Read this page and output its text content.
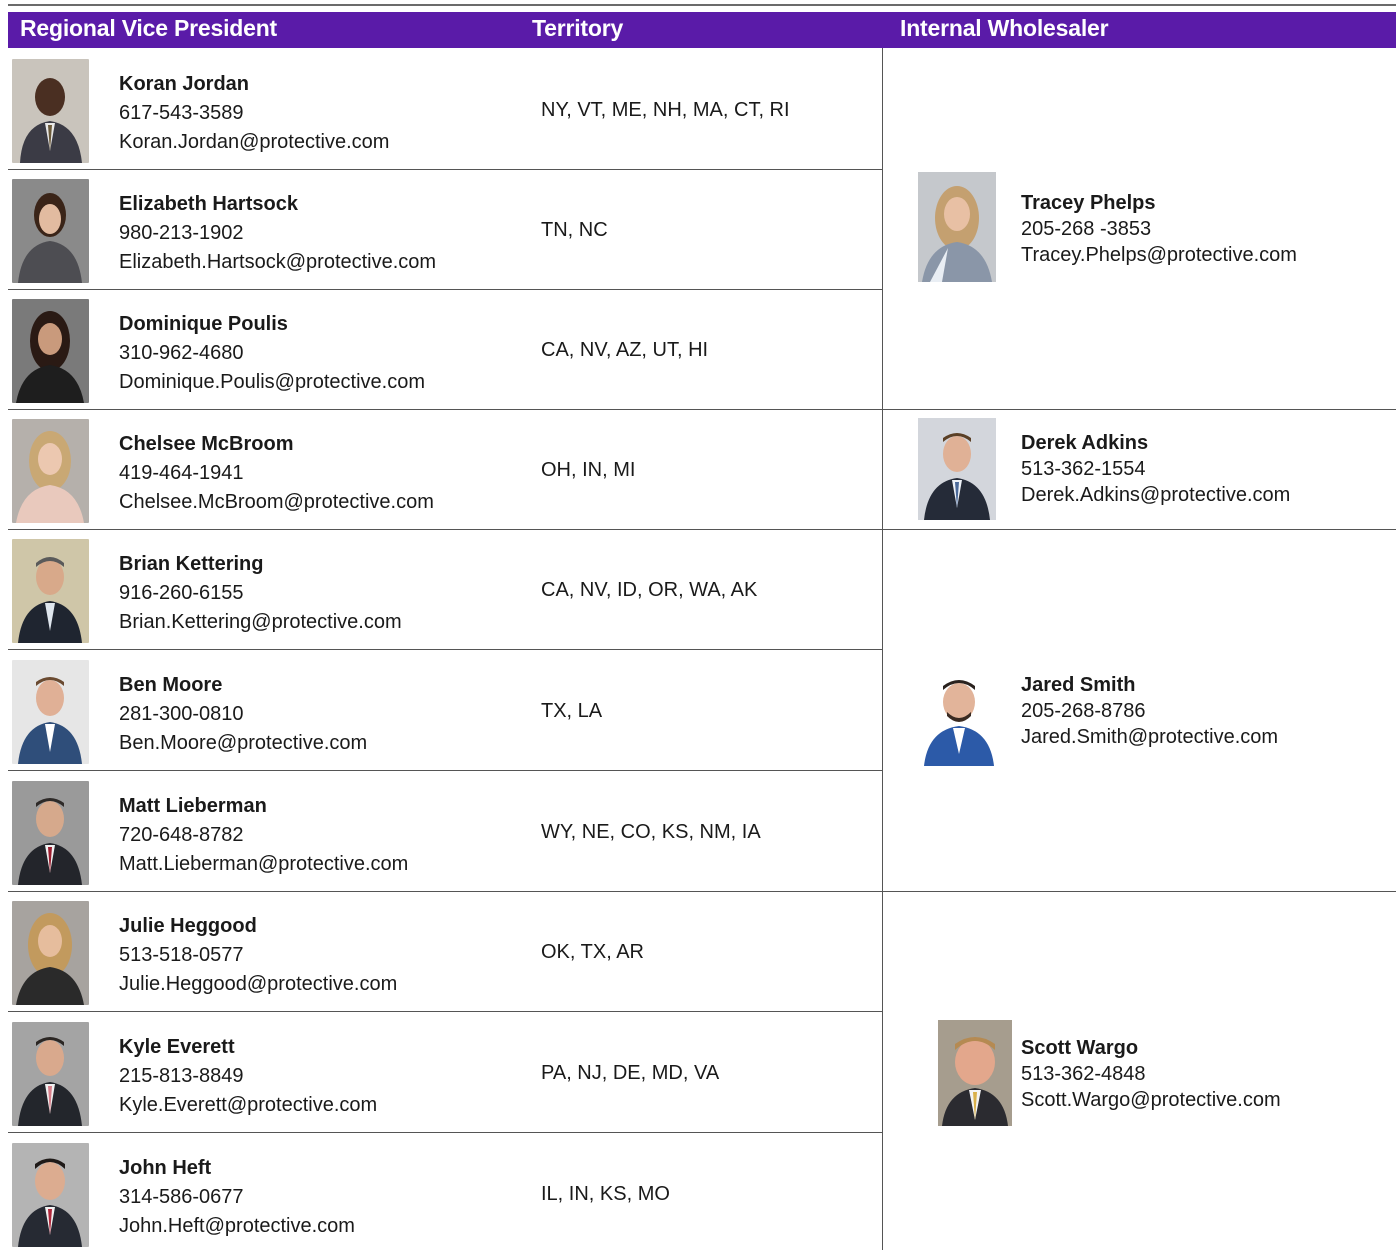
Regional Vice President	Territory	Internal Wholesaler
Koran Jordan
617-543-3589
Koran.Jordan@protective.com
NY, VT, ME, NH, MA, CT, RI
Elizabeth Hartsock
980-213-1902
Elizabeth.Hartsock@protective.com
TN, NC
Dominique Poulis
310-962-4680
Dominique.Poulis@protective.com
CA, NV, AZ, UT, HI
Chelsee McBroom
419-464-1941
Chelsee.McBroom@protective.com
OH, IN, MI
Brian Kettering
916-260-6155
Brian.Kettering@protective.com
CA, NV, ID, OR, WA, AK
Ben Moore
281-300-0810
Ben.Moore@protective.com
TX, LA
Matt Lieberman
720-648-8782
Matt.Lieberman@protective.com
WY, NE, CO, KS, NM, IA
Julie Heggood
513-518-0577
Julie.Heggood@protective.com
OK, TX, AR
Kyle Everett
215-813-8849
Kyle.Everett@protective.com
PA, NJ, DE, MD, VA
John Heft
314-586-0677
John.Heft@protective.com
IL, IN, KS, MO
Tracey Phelps
205-268 -3853
Tracey.Phelps@protective.com
Derek Adkins
513-362-1554
Derek.Adkins@protective.com
Jared Smith
205-268-8786
Jared.Smith@protective.com
Scott Wargo
513-362-4848
Scott.Wargo@protective.com
